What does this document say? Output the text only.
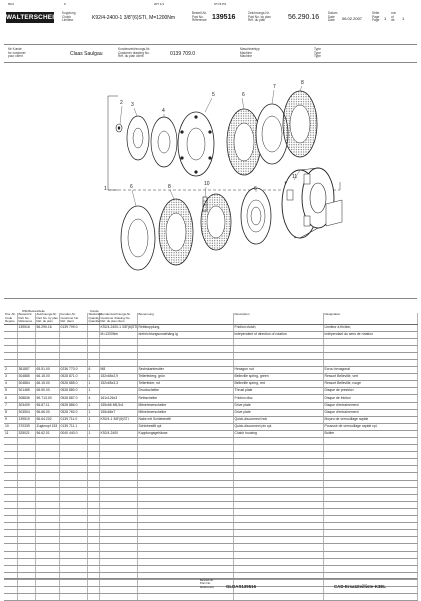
50/4	K	20? 1/1	STI 8-PS
WALTERSCHEID
Kupplung
Clutch
Limiteur	K92/4-2400-1 3/8"(6)STI, M=1200Nm
Bestell-Nr.
Part No.
Référence 139516
Zeichnungs-Nr.
Part No. by plan
Réf. du plan	56.290.16
Datum
Date
Date	06.02.2007
Seite
Page
Page 1
von
of
de	1
für Kunde
for customer
pour client	Claas Saulgau
Kundenzeichnungs-Nr.
Customer drawing No.
Réf. du plan client	0139 709.0
Maschinentyp
Machine
Machine
Type
Type
Type
1
2 3
4
5	6
7
8
6	8	10
6
11
Pos.-Nr.
Code
Repère	Bestell-Nr.
Part No.
Référence	Zeichnungs-Nr.
Part No. by plan
Réf. du plan	Kunden-Nr.
Customer No.
Réf. client	Stückzahl
Quantity
Quantité	Kundenzeichnungs-Nr.
Customer drawing No.
Réf. du plan client	Benennung	Description	Désignation
	139516	56.290.16	0139 709.0		K92/4-2400-1 3/8"(6)STI,	Reibkupplung,	Friction clutch,	Limiteur à friction,
					M=1200Nm	drehrichtungsunabhäng.ig	independent of direction of rotation	indépendant du sens de rotation

2	381857	65.51.00	0236 770.0	6	M8	Sechskantmutter	Hexagon nut	Ecrou hexagonal
3	304885	66.15.00	0528 871.0	1	152x65x2,9	Tellerfederg, grün	Belleville spring, green	Ressort Belleville, vert
4	304884	66.15.00	0528 885.0	1	152x65x3,3	Tellerfeder, rot	Belleville spring, red	Ressort Belleville, rouge
5	301485	65.90.00	0528 880.0	1		Druckscheibe	Thrust plate	Disque de pression
6	308836	59.713.00	0528 887.0	4	161x126x3	Reibscheibe	Friction disc	Disque de friction
7	303409	56.87.11	0528 886.0	1	155x66 M5,5x1	Mitnehmerscheibe	Drive plate	Disque d'entraînement
8	303504	56.66.00	0528 760.0	1	155x66x7	Mitnehmerscheibe	Drive plate	Disque d'entraînement
9	139519	56.64.202	0139 711.0	1	K92/4-1 3/8"(6)STI	Nabe mit Schiebestift	Quick-disconnect hub	Moyeu de verrouillage rapide
10	370339	Zugknopf 153	0139 711.1	1		Schiebestift cpl.	Quick-disconnect pin cpl.	Poussoir de verrouillage rapide cpl.
11	325021	56.62.01	0040 440.0	1	K92/4-2400	Kupplungsgehäuse	Clutch housing	Boîtier

WM-Bestandteile	Kunde
Bestell-Nr.
Part No.
Référence	GLDAS139516	CAD-Ersatzteilliste-K3EL
